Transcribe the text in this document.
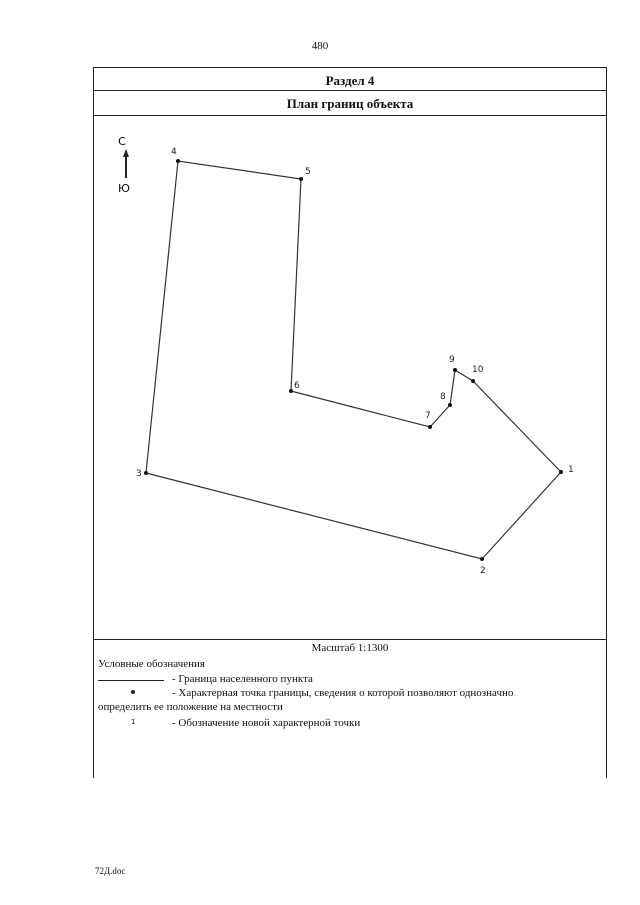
480
Раздел 4
План границ объекта
С
Ю
1
2
3
4
5
6
7
8
9
10
Масштаб 1:1300
Условные обозначения
- Граница населенного пункта
- Характерная точка границы, сведения о которой позволяют однозначно определить ее положение на местности
1	- Обозначение новой характерной точки
72Д.doc
